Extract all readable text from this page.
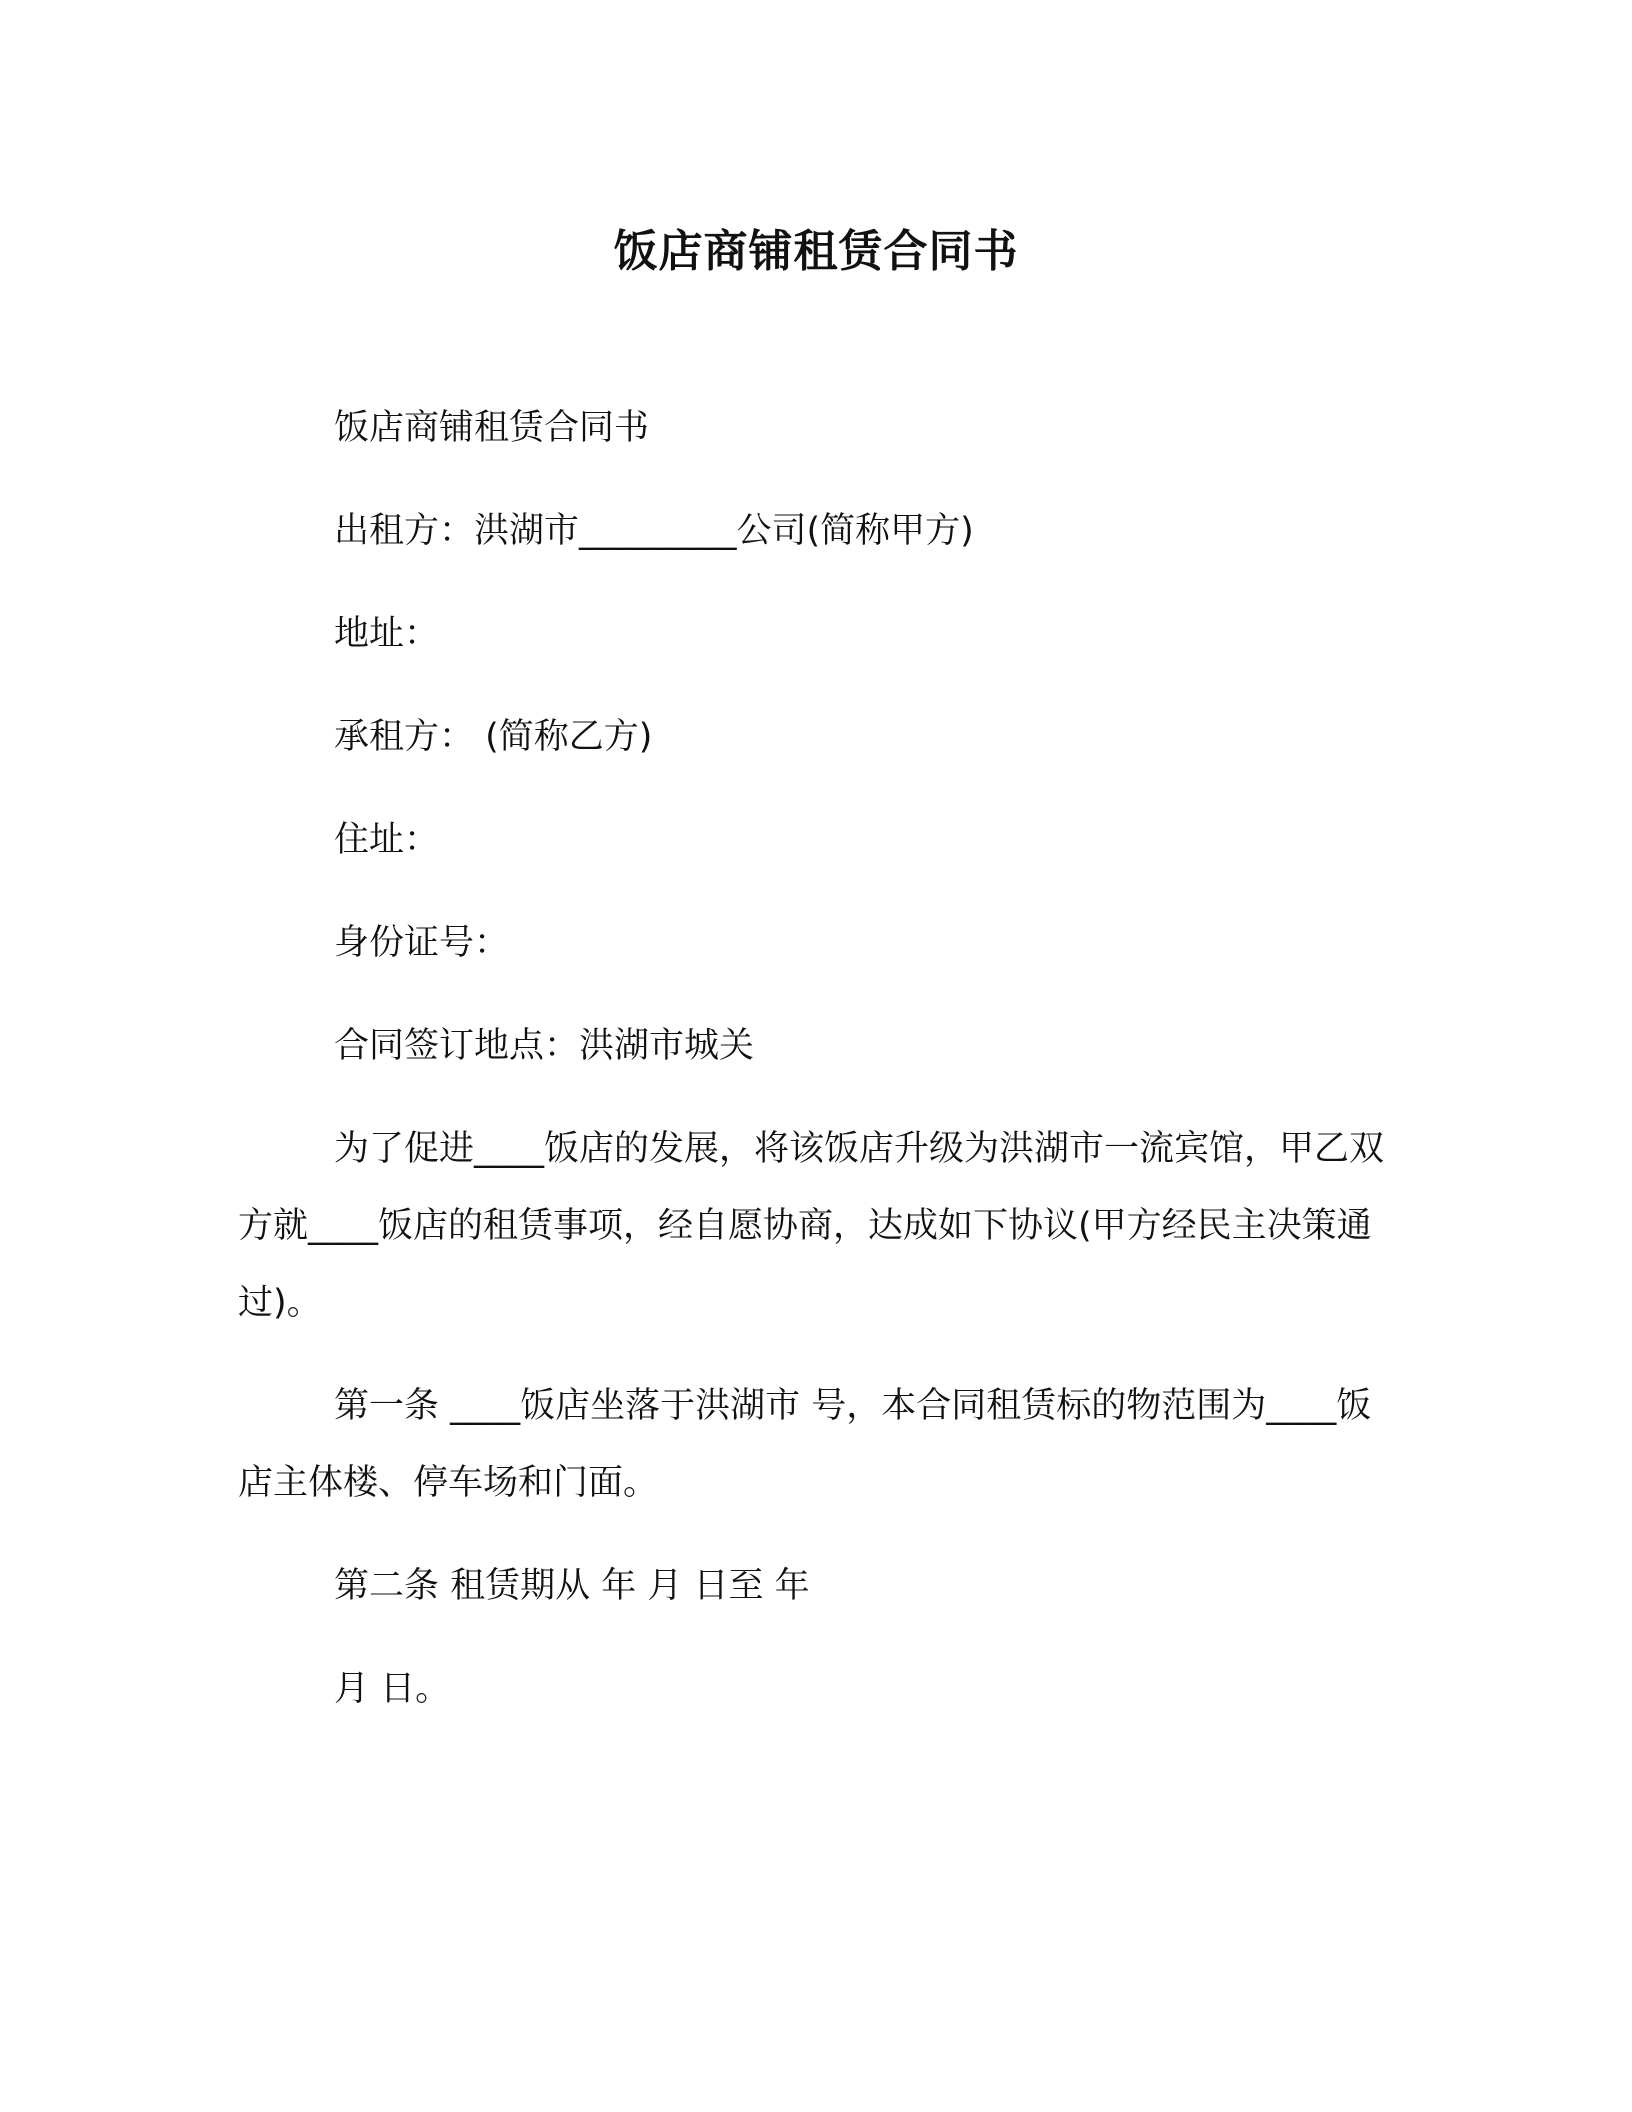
饭店商铺租赁合同书

饭店商铺租赁合同书

出租方：洪湖市_________公司(简称甲方)

地址：

承租方： (简称乙方)

住址：

身份证号：

合同签订地点：洪湖市城关

为了促进____饭店的发展，将该饭店升级为洪湖市一流宾馆，甲乙双方就____饭店的租赁事项，经自愿协商，达成如下协议(甲方经民主决策通过)。

第一条 ____饭店坐落于洪湖市 号，本合同租赁标的物范围为____饭店主体楼、停车场和门面。

第二条 租赁期从 年 月 日至 年

月 日。
